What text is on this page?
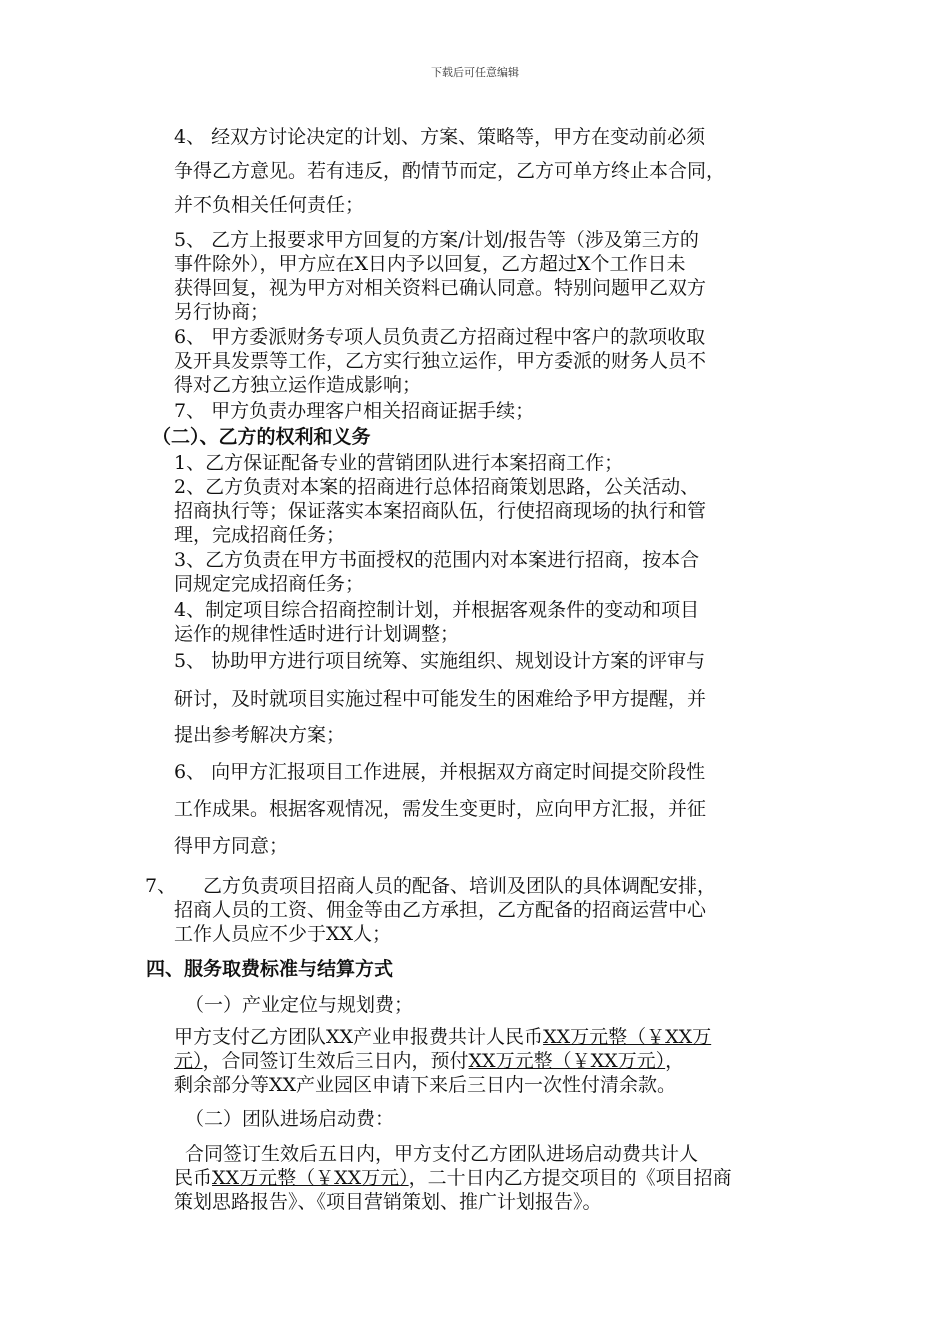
下载后可任意编辑
4、 经双方讨论决定的计划、方案、策略等，甲方在变动前必须
争得乙方意见。若有违反，酌情节而定，乙方可单方终止本合同，
并不负相关任何责任；
5、 乙方上报要求甲方回复的方案/计划/报告等（涉及第三方的
事件除外），甲方应在X日内予以回复，乙方超过X个工作日未
获得回复，视为甲方对相关资料已确认同意。特别问题甲乙双方
另行协商；
6、 甲方委派财务专项人员负责乙方招商过程中客户的款项收取
及开具发票等工作，乙方实行独立运作，甲方委派的财务人员不
得对乙方独立运作造成影响；
7、 甲方负责办理客户相关招商证据手续；
（二）、乙方的权利和义务
1、乙方保证配备专业的营销团队进行本案招商工作；
2、乙方负责对本案的招商进行总体招商策划思路，公关活动、
招商执行等；保证落实本案招商队伍，行使招商现场的执行和管
理，完成招商任务；
3、乙方负责在甲方书面授权的范围内对本案进行招商，按本合
同规定完成招商任务；
4、制定项目综合招商控制计划，并根据客观条件的变动和项目
运作的规律性适时进行计划调整；
5、 协助甲方进行项目统筹、实施组织、规划设计方案的评审与
研讨，及时就项目实施过程中可能发生的困难给予甲方提醒，并
提出参考解决方案；
6、 向甲方汇报项目工作进展，并根据双方商定时间提交阶段性
工作成果。根据客观情况，需发生变更时，应向甲方汇报，并征
得甲方同意；
7、 乙方负责项目招商人员的配备、培训及团队的具体调配安排，
招商人员的工资、佣金等由乙方承担，乙方配备的招商运营中心
工作人员应不少于XX人；
四、服务取费标准与结算方式
（一）产业定位与规划费；
甲方支付乙方团队XX产业申报费共计人民币XX万元整（￥XX万
元），合同签订生效后三日内，预付XX万元整（￥XX万元），
剩余部分等XX产业园区申请下来后三日内一次性付清余款。
（二）团队进场启动费：
合同签订生效后五日内，甲方支付乙方团队进场启动费共计人
民币XX万元整（￥XX万元），二十日内乙方提交项目的《项目招商
策划思路报告》、《项目营销策划、推广计划报告》。
